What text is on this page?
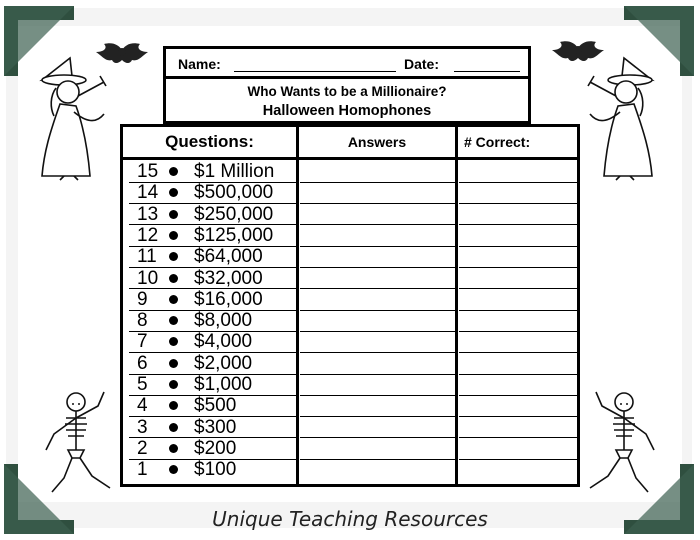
Name:	Date:
Who Wants to be a Millionaire?
Halloween Homophones
Questions:	Answers	# Correct:
15 $1 Million
14 $500,000
13 $250,000
12 $125,000
11 $64,000
10 $32,000
9 $16,000
8 $8,000
7 $4,000
6 $2,000
5 $1,000
4 $500
3 $300
2 $200
1 $100
Unique Teaching Resources
